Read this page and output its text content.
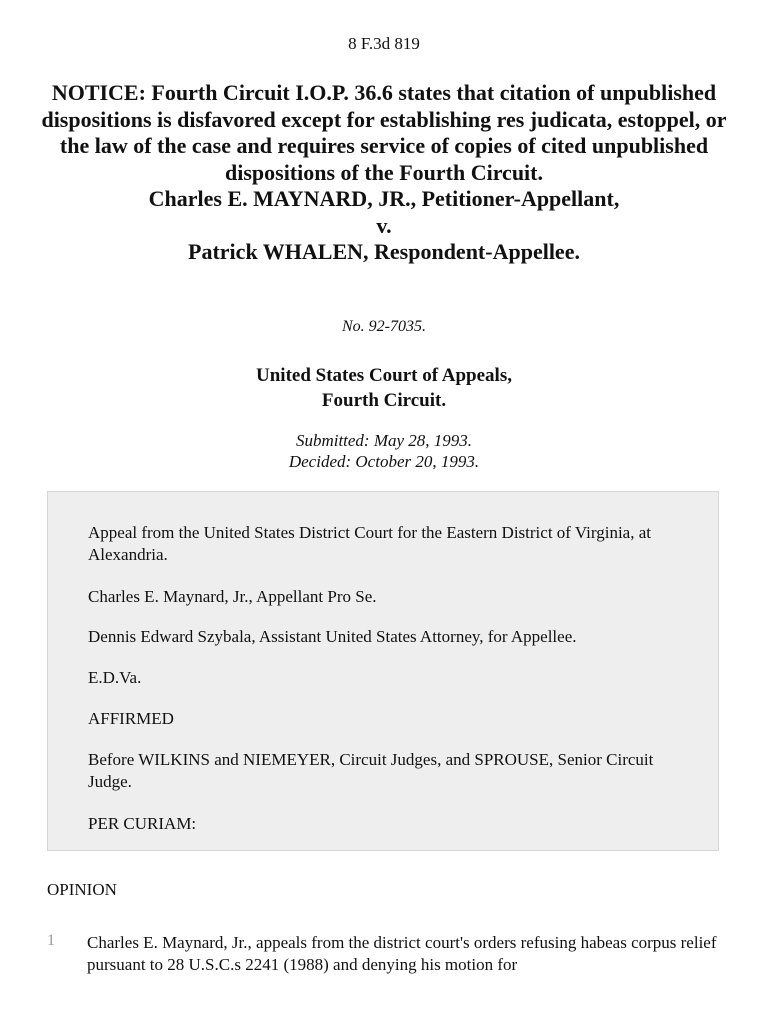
8 F.3d 819
NOTICE: Fourth Circuit I.O.P. 36.6 states that citation of unpublished dispositions is disfavored except for establishing res judicata, estoppel, or the law of the case and requires service of copies of cited unpublished dispositions of the Fourth Circuit.
Charles E. MAYNARD, JR., Petitioner-Appellant,
v.
Patrick WHALEN, Respondent-Appellee.
No. 92-7035.
United States Court of Appeals,
Fourth Circuit.
Submitted: May 28, 1993.
Decided: October 20, 1993.

Appeal from the United States District Court for the Eastern District of Virginia, at Alexandria.

Charles E. Maynard, Jr., Appellant Pro Se.

Dennis Edward Szybala, Assistant United States Attorney, for Appellee.

E.D.Va.

AFFIRMED

Before WILKINS and NIEMEYER, Circuit Judges, and SPROUSE, Senior Circuit Judge.

PER CURIAM:

OPINION
1 Charles E. Maynard, Jr., appeals from the district court's orders refusing habeas corpus relief pursuant to 28 U.S.C.s 2241 (1988) and denying his motion for
